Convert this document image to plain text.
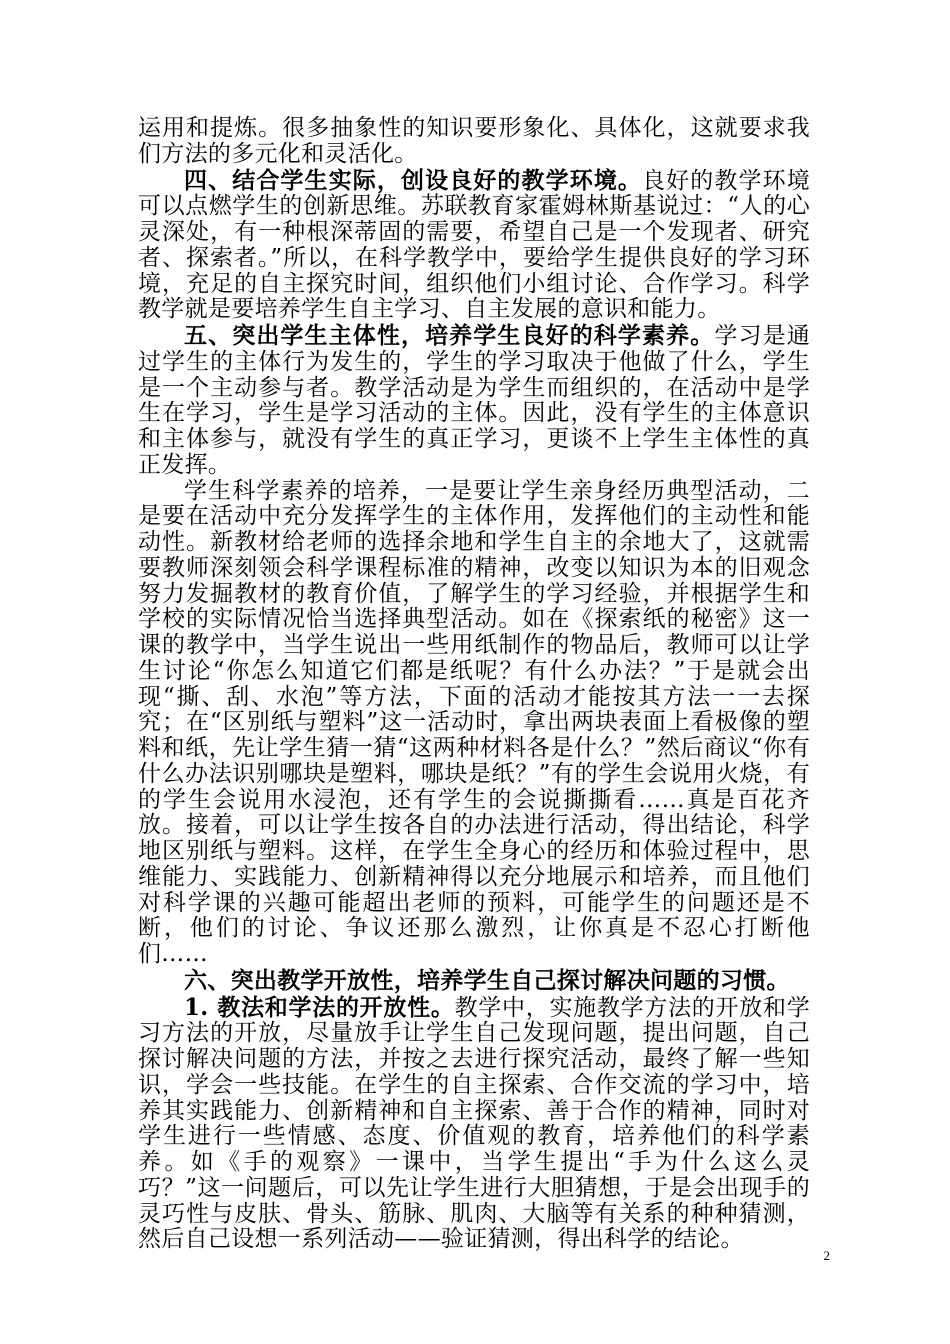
运用和提炼。很多抽象性的知识要形象化、具体化，这就要求我们方法的多元化和灵活化。

四、结合学生实际，创设良好的教学环境。良好的教学环境可以点燃学生的创新思维。苏联教育家霍姆林斯基说过：“人的心灵深处，有一种根深蒂固的需要，希望自己是一个发现者、研究者、探索者。”所以，在科学教学中，要给学生提供良好的学习环境，充足的自主探究时间，组织他们小组讨论、合作学习。科学教学就是要培养学生自主学习、自主发展的意识和能力。

五、突出学生主体性，培养学生良好的科学素养。学习是通过学生的主体行为发生的，学生的学习取决于他做了什么，学生是一个主动参与者。教学活动是为学生而组织的，在活动中是学生在学习，学生是学习活动的主体。因此，没有学生的主体意识和主体参与，就没有学生的真正学习，更谈不上学生主体性的真正发挥。

学生科学素养的培养，一是要让学生亲身经历典型活动，二是要在活动中充分发挥学生的主体作用，发挥他们的主动性和能动性。新教材给老师的选择余地和学生自主的余地大了，这就需要教师深刻领会科学课程标准的精神，改变以知识为本的旧观念努力发掘教材的教育价值，了解学生的学习经验，并根据学生和学校的实际情况恰当选择典型活动。如在《探索纸的秘密》这一课的教学中，当学生说出一些用纸制作的物品后，教师可以让学生讨论“你怎么知道它们都是纸呢？有什么办法？”于是就会出现“撕、刮、水泡”等方法，下面的活动才能按其方法一一去探究；在“区别纸与塑料”这一活动时，拿出两块表面上看极像的塑料和纸，先让学生猜一猜“这两种材料各是什么？”然后商议“你有什么办法识别哪块是塑料，哪块是纸？”有的学生会说用火烧，有的学生会说用水浸泡，还有学生的会说撕撕看……真是百花齐放。接着，可以让学生按各自的办法进行活动，得出结论，科学地区别纸与塑料。这样，在学生全身心的经历和体验过程中，思维能力、实践能力、创新精神得以充分地展示和培养，而且他们对科学课的兴趣可能超出老师的预料，可能学生的问题还是不断，他们的讨论、争议还那么激烈，让你真是不忍心打断他们……

六、突出教学开放性，培养学生自己探讨解决问题的习惯。

1. 教法和学法的开放性。教学中，实施教学方法的开放和学习方法的开放，尽量放手让学生自己发现问题，提出问题，自己探讨解决问题的方法，并按之去进行探究活动，最终了解一些知识，学会一些技能。在学生的自主探索、合作交流的学习中，培养其实践能力、创新精神和自主探索、善于合作的精神，同时对学生进行一些情感、态度、价值观的教育，培养他们的科学素养。如《手的观察》一课中，当学生提出“手为什么这么灵巧？”这一问题后，可以先让学生进行大胆猜想，于是会出现手的灵巧性与皮肤、骨头、筋脉、肌肉、大脑等有关系的种种猜测，然后自己设想一系列活动——验证猜测，得出科学的结论。

2
